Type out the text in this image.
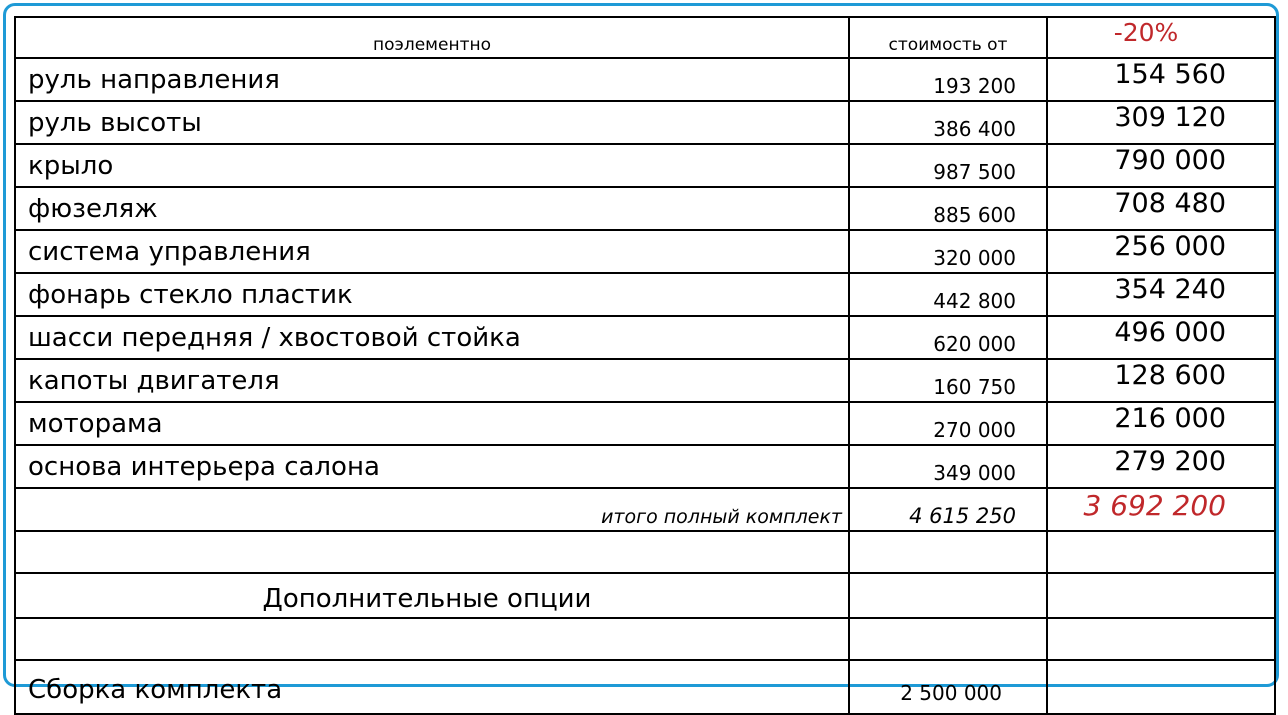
поэлементно	стоимость от	-20%
руль направления	193 200	154 560
руль высоты	386 400	309 120
крыло	987 500	790 000
фюзеляж	885 600	708 480
система управления	320 000	256 000
фонарь стекло пластик	442 800	354 240
шасси передняя / хвостовой стойка	620 000	496 000
капоты двигателя	160 750	128 600
моторама	270 000	216 000
основа интерьера салона	349 000	279 200
итого полный комплект	4 615 250	3 692 200

Дополнительные опции		

Сборка комплекта	2 500 000	
